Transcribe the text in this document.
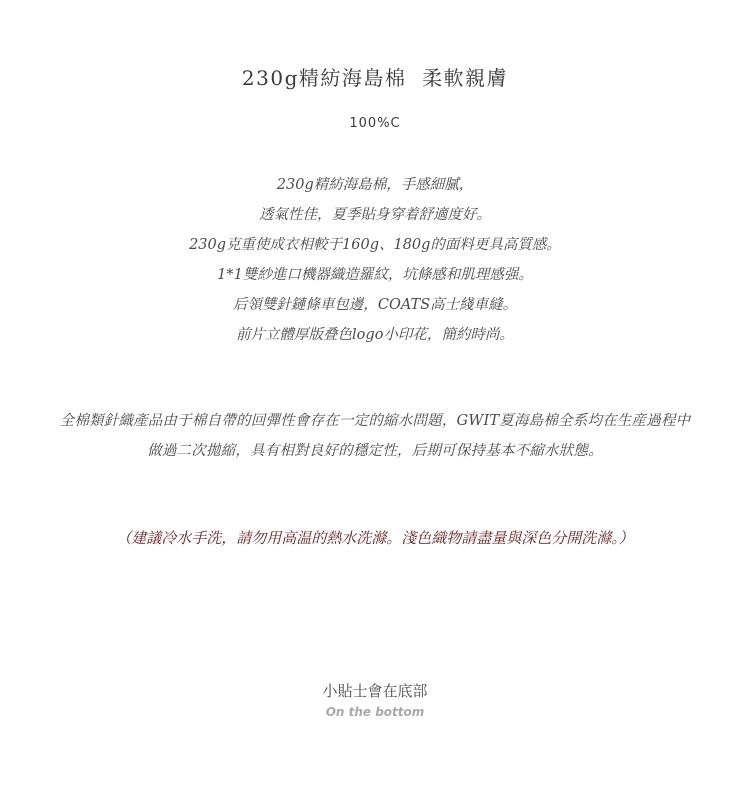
230g精紡海島棉  柔軟親膚
100%C
230g精紡海島棉，手感細膩，
透氣性佳，夏季貼身穿着舒適度好。
230g克重使成衣相較于160g、180g的面料更具高質感。
1*1雙紗進口機器織造羅紋，坑條感和肌理感强。
后領雙針鏈條車包邊，COATS高士綫車縫。
前片立體厚版叠色logo小印花，簡約時尚。

全棉類針織產品由于棉自帶的回彈性會存在一定的縮水問題，GWIT夏海島棉全系均在生産過程中

做過二次拋縮，具有相對良好的穩定性，后期可保持基本不縮水狀態。

（建議冷水手洗，請勿用高温的熱水洗滌。淺色織物請盡量與深色分開洗滌。）
小貼士會在底部
On the bottom
